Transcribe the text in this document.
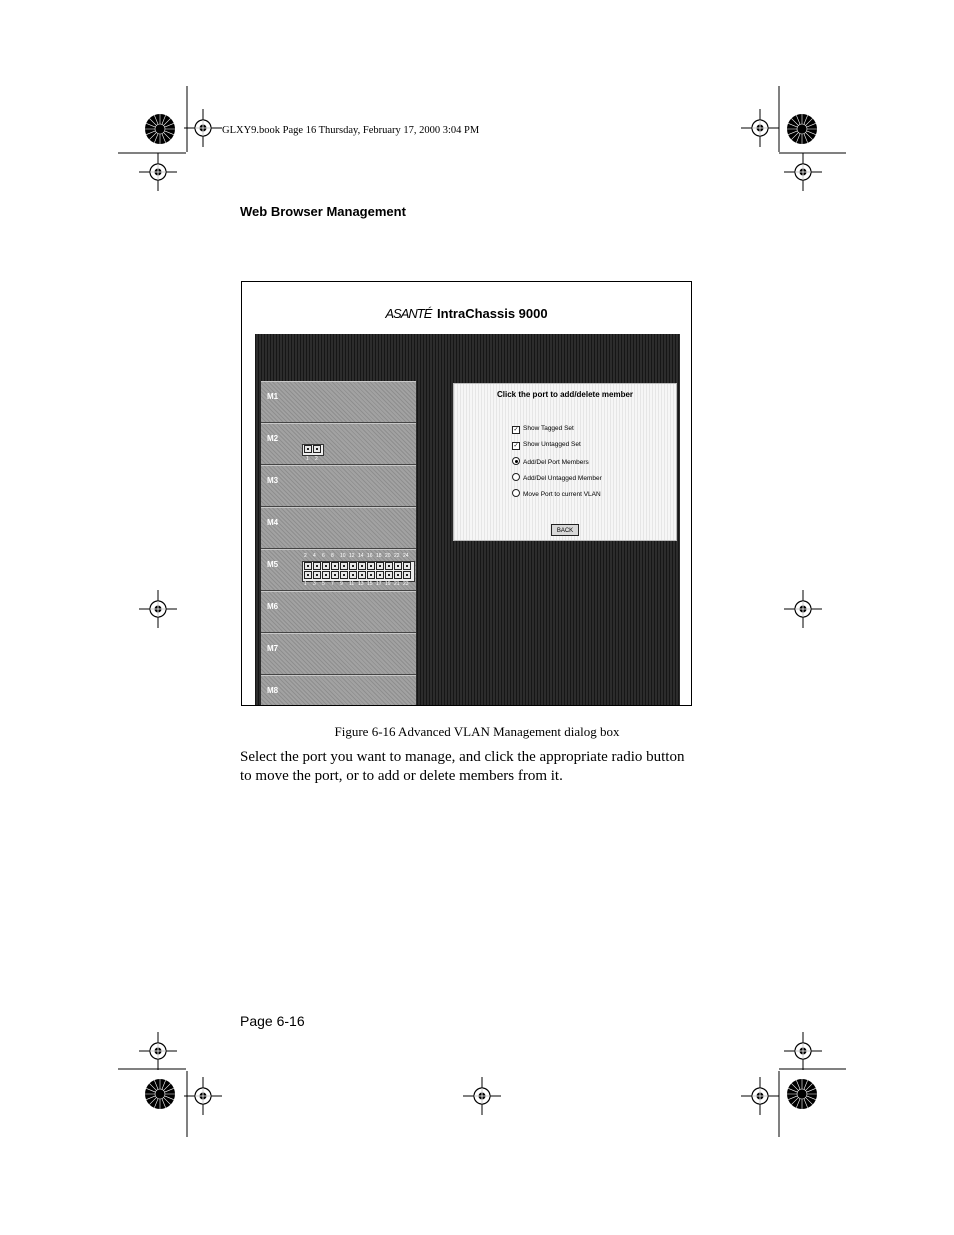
GLXY9.book Page 16 Thursday, February 17, 2000 3:04 PM
Web Browser Management
ASANTÉ IntraChassis 9000
M1
M2
1 2
M3
M4
M5
2
1
4
3
6
5
8
7
10
9
12
11
14
13
16
15
18
17
20
19
22
21
24
23
M6
M7
M8
Click the port to add/delete member
✓ Show Tagged Set
✓ Show Untagged Set
Add/Del Port Members
Add/Del Untagged Member
Move Port to current VLAN
BACK
Figure 6-16 Advanced VLAN Management dialog box
Select the port you want to manage, and click the appropriate radio button to move the port, or to add or delete members from it.
Page 6-16
